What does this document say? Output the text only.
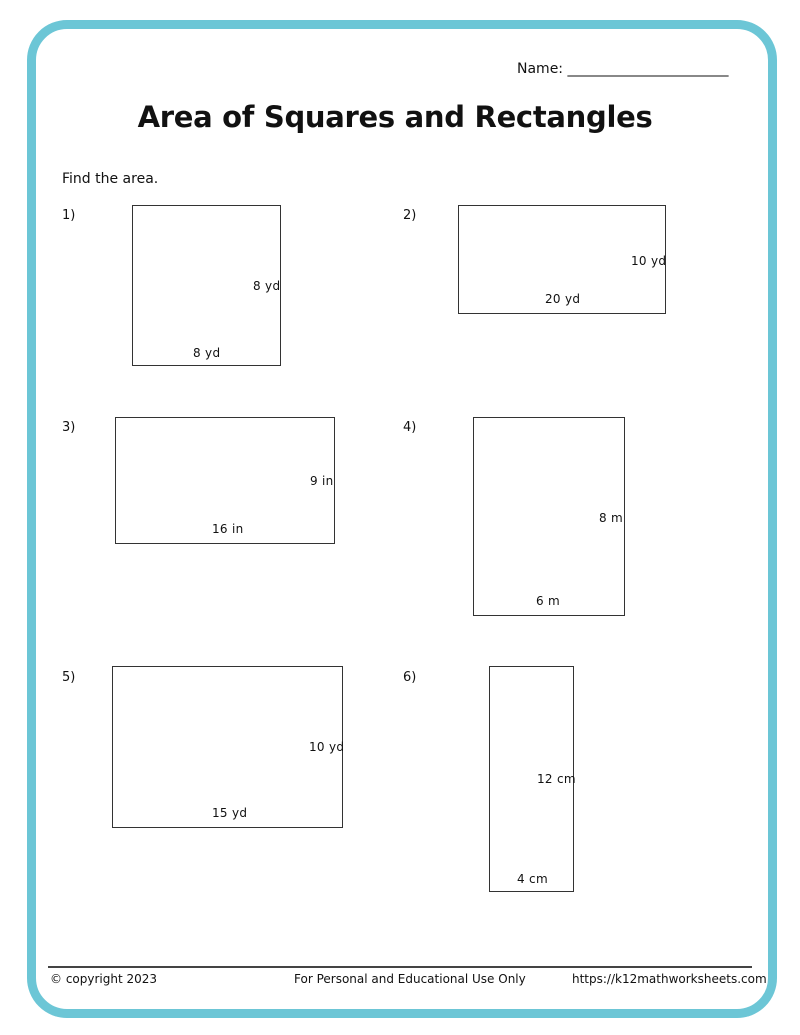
Name: _______________________
Area of Squares and Rectangles
Find the area.
1)
8 yd
8 yd
2)
10 yd
20 yd
3)
9 in
16 in
4)
8 m
6 m
5)
10 yd
15 yd
6)
12 cm
4 cm
© copyright 2023	For Personal and Educational Use Only	https://k12mathworksheets.com
